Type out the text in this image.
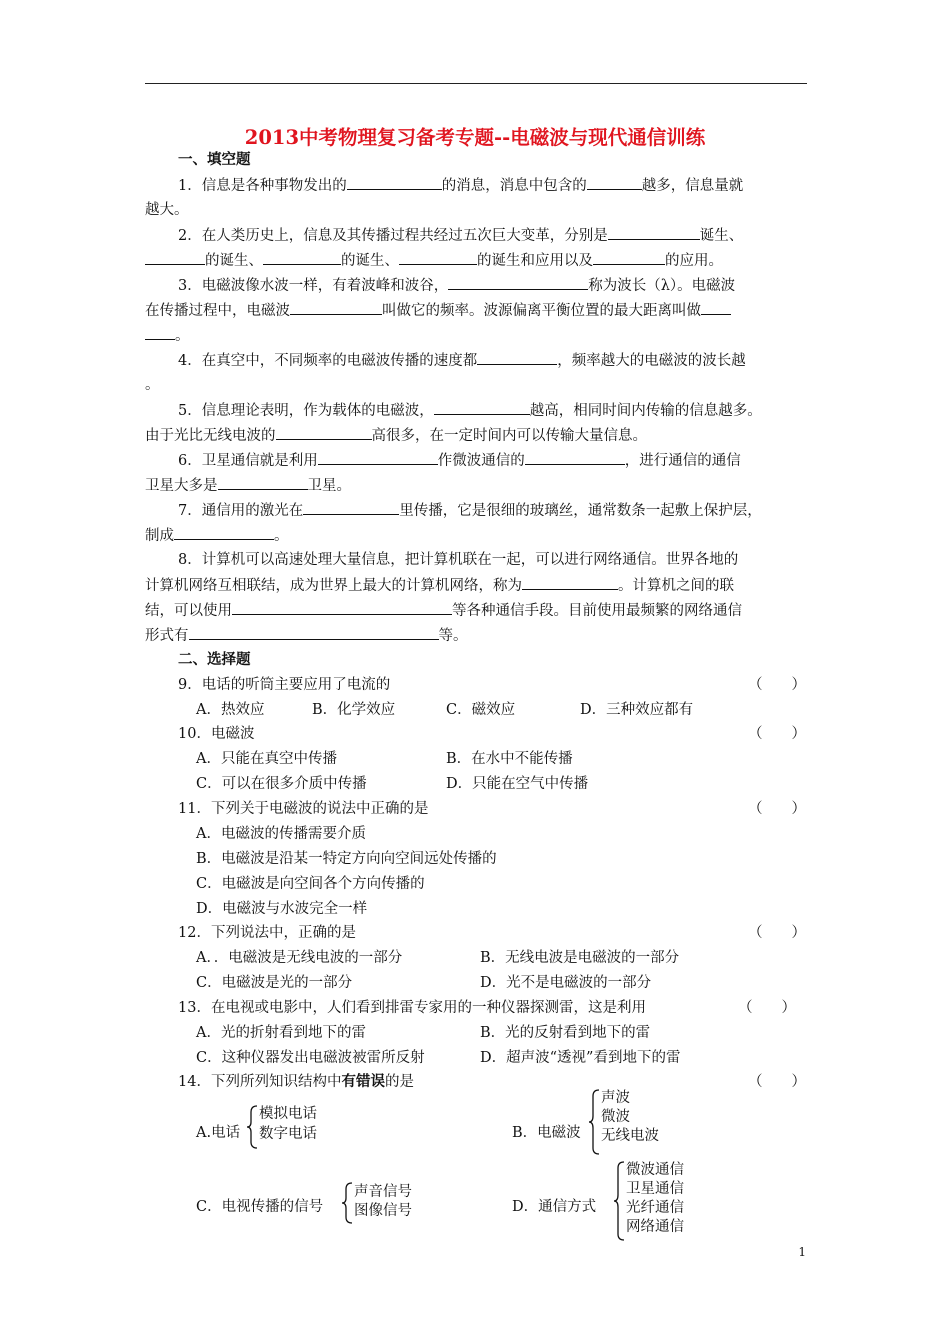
2013中考物理复习备考专题--电磁波与现代通信训练
一、填空题
1．信息是各种事物发出的	的消息，消息中包含的	越多，信息量就
越大。
2．在人类历史上，信息及其传播过程共经过五次巨大变革，分别是	诞生、
的诞生、	的诞生、	的诞生和应用以及	的应用。
3．电磁波像水波一样，有着波峰和波谷，	称为波长（λ）。电磁波
在传播过程中，电磁波	叫做它的频率。波源偏离平衡位置的最大距离叫做
。
4．在真空中，不同频率的电磁波传播的速度都	，频率越大的电磁波的波长越
。
5．信息理论表明，作为载体的电磁波，	越高，相同时间内传输的信息越多。
由于光比无线电波的	高很多，在一定时间内可以传输大量信息。
6．卫星通信就是利用	作微波通信的	，进行通信的通信
卫星大多是	卫星。
7．通信用的激光在	里传播，它是很细的玻璃丝，通常数条一起敷上保护层，
制成	。
8．计算机可以高速处理大量信息，把计算机联在一起，可以进行网络通信。世界各地的
计算机网络互相联结，成为世界上最大的计算机网络，称为	。计算机之间的联
结，可以使用	等各种通信手段。目前使用最频繁的网络通信
形式有	等。
二、选择题
9．电话的听筒主要应用了电流的	（　　）
A．热效应	B．化学效应	C．磁效应	D．三种效应都有
10．电磁波	（　　）
A．只能在真空中传播	B．在水中不能传播
C．可以在很多介质中传播	D．只能在空气中传播
11．下列关于电磁波的说法中正确的是	（　　）
A．电磁波的传播需要介质
B．电磁波是沿某一特定方向向空间远处传播的
C．电磁波是向空间各个方向传播的
D．电磁波与水波完全一样
12．下列说法中，正确的是	（　　）
A．．电磁波是无线电波的一部分	B．无线电波是电磁波的一部分
C．电磁波是光的一部分	D．光不是电磁波的一部分
13．在电视或电影中，人们看到排雷专家用的一种仪器探测雷，这是利用	（　　）
A．光的折射看到地下的雷	B．光的反射看到地下的雷
C．这种仪器发出电磁波被雷所反射	D．超声波“透视”看到地下的雷
14．下列所列知识结构中有错误的是	（　　）
A.电话
模拟电话
数字电话	B．电磁波
声波
微波
无线电波
C．电视传播的信号
声音信号
图像信号	D．通信方式
微波通信
卫星通信
光纤通信
网络通信
1
